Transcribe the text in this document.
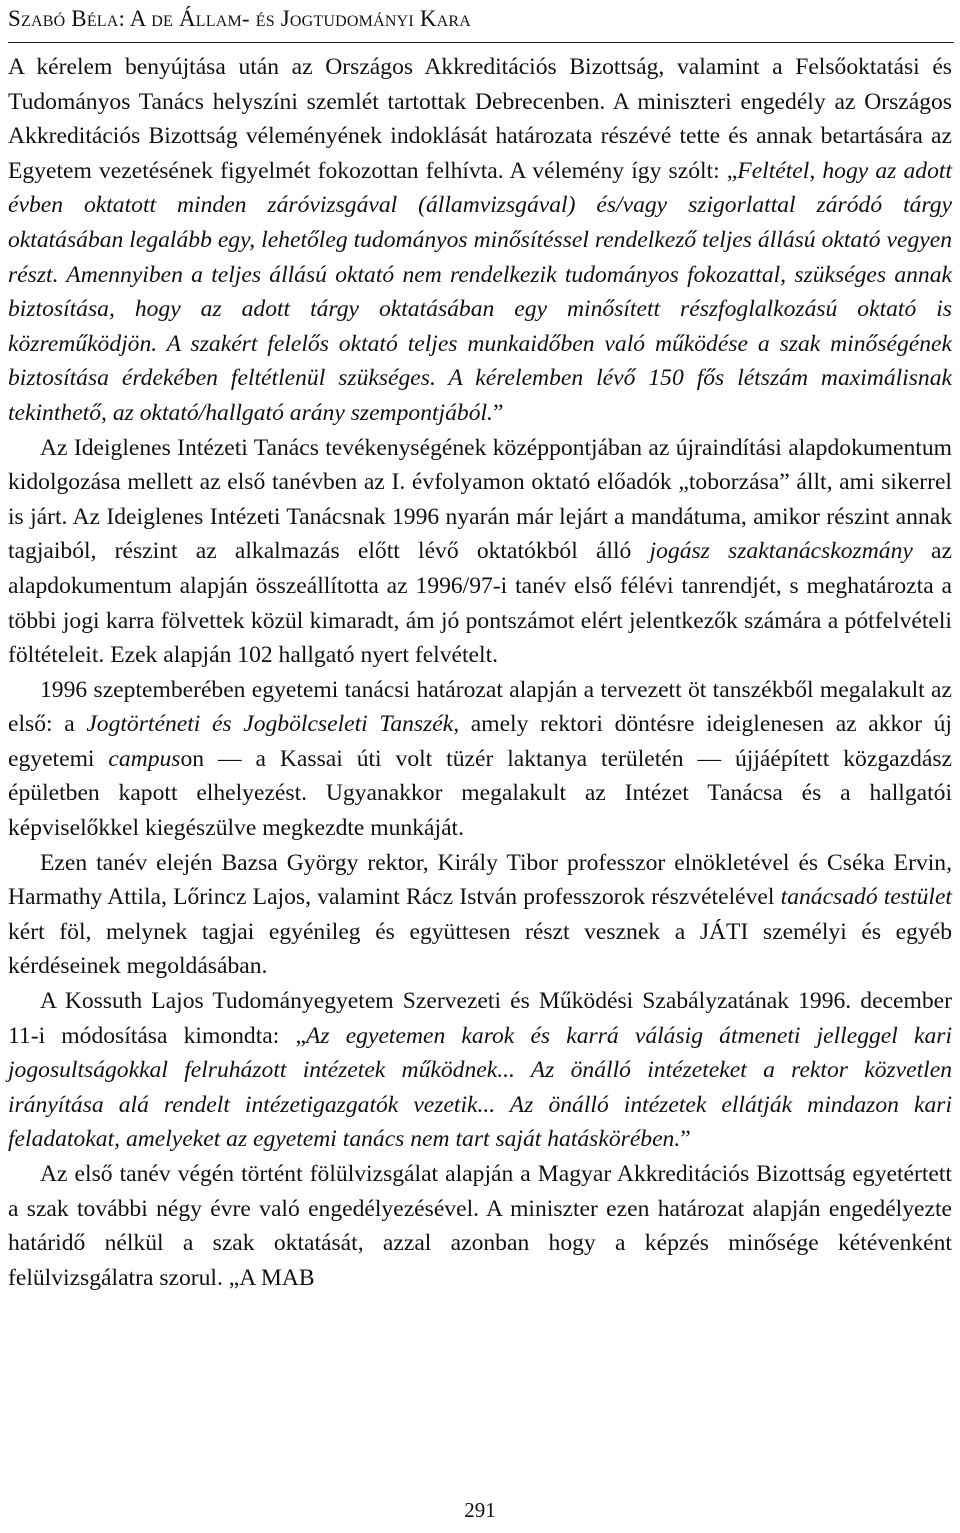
Szabó Béla: A de Állam- és Jogtudományi Kara

A kérelem benyújtása után az Országos Akkreditációs Bizottság, valamint a Felsőoktatási és Tudományos Tanács helyszíni szemlét tartottak Debrecenben. A miniszteri engedély az Országos Akkreditációs Bizottság véleményének indoklását határozata részévé tette és annak betartására az Egyetem vezetésének figyelmét fokozottan felhívta. A vélemény így szólt: „Feltétel, hogy az adott évben oktatott minden záróvizsgával (államvizsgával) és/vagy szigorlattal záródó tárgy oktatásában legalább egy, lehetőleg tudományos minősítéssel rendelkező teljes állású oktató vegyen részt. Amennyiben a teljes állású oktató nem rendelkezik tudományos fokozattal, szükséges annak biztosítása, hogy az adott tárgy oktatásában egy minősített részfoglalkozású oktató is közreműködjön. A szakért felelős oktató teljes munkaidőben való működése a szak minőségének biztosítása érdekében feltétlenül szükséges. A kérelemben lévő 150 fős létszám maximálisnak tekinthető, az oktató/hallgató arány szempontjából.”

Az Ideiglenes Intézeti Tanács tevékenységének középpontjában az újraindítási alapdokumentum kidolgozása mellett az első tanévben az I. évfolyamon oktató előadók „toborzása” állt, ami sikerrel is járt. Az Ideiglenes Intézeti Tanácsnak 1996 nyarán már lejárt a mandátuma, amikor részint annak tagjaiból, részint az alkalmazás előtt lévő oktatókból álló jogász szaktanácskozmány az alapdokumentum alapján összeállította az 1996/97-i tanév első félévi tanrendjét, s meghatározta a többi jogi karra fölvettek közül kimaradt, ám jó pontszámot elért jelentkezők számára a pótfelvételi föltételeit. Ezek alapján 102 hallgató nyert felvételt.

1996 szeptemberében egyetemi tanácsi határozat alapján a tervezett öt tanszékből megalakult az első: a Jogtörténeti és Jogbölcseleti Tanszék, amely rektori döntésre ideiglenesen az akkor új egyetemi campuson — a Kassai úti volt tüzér laktanya területén — újjáépített közgazdász épületben kapott elhelyezést. Ugyanakkor megalakult az Intézet Tanácsa és a hallgatói képviselőkkel kiegészülve megkezdte munkáját.

Ezen tanév elején Bazsa György rektor, Király Tibor professzor elnökletével és Cséka Ervin, Harmathy Attila, Lőrincz Lajos, valamint Rácz István professzorok részvételével tanácsadó testület kért föl, melynek tagjai egyénileg és együttesen részt vesznek a JÁTI személyi és egyéb kérdéseinek megoldásában.

A Kossuth Lajos Tudományegyetem Szervezeti és Működési Szabályzatának 1996. december 11-i módosítása kimondta: „Az egyetemen karok és karrá válásig átmeneti jelleggel kari jogosultságokkal felruházott intézetek működnek... Az önálló intézeteket a rektor közvetlen irányítása alá rendelt intézetigazgatók vezetik... Az önálló intézetek ellátják mindazon kari feladatokat, amelyeket az egyetemi tanács nem tart saját hatáskörében.”

Az első tanév végén történt fölülvizsgálat alapján a Magyar Akkreditációs Bizottság egyetértett a szak további négy évre való engedélyezésével. A miniszter ezen határozat alapján engedélyezte határidő nélkül a szak oktatását, azzal azonban hogy a képzés minősége kétévenként felülvizsgálatra szorul. „A MAB

291
